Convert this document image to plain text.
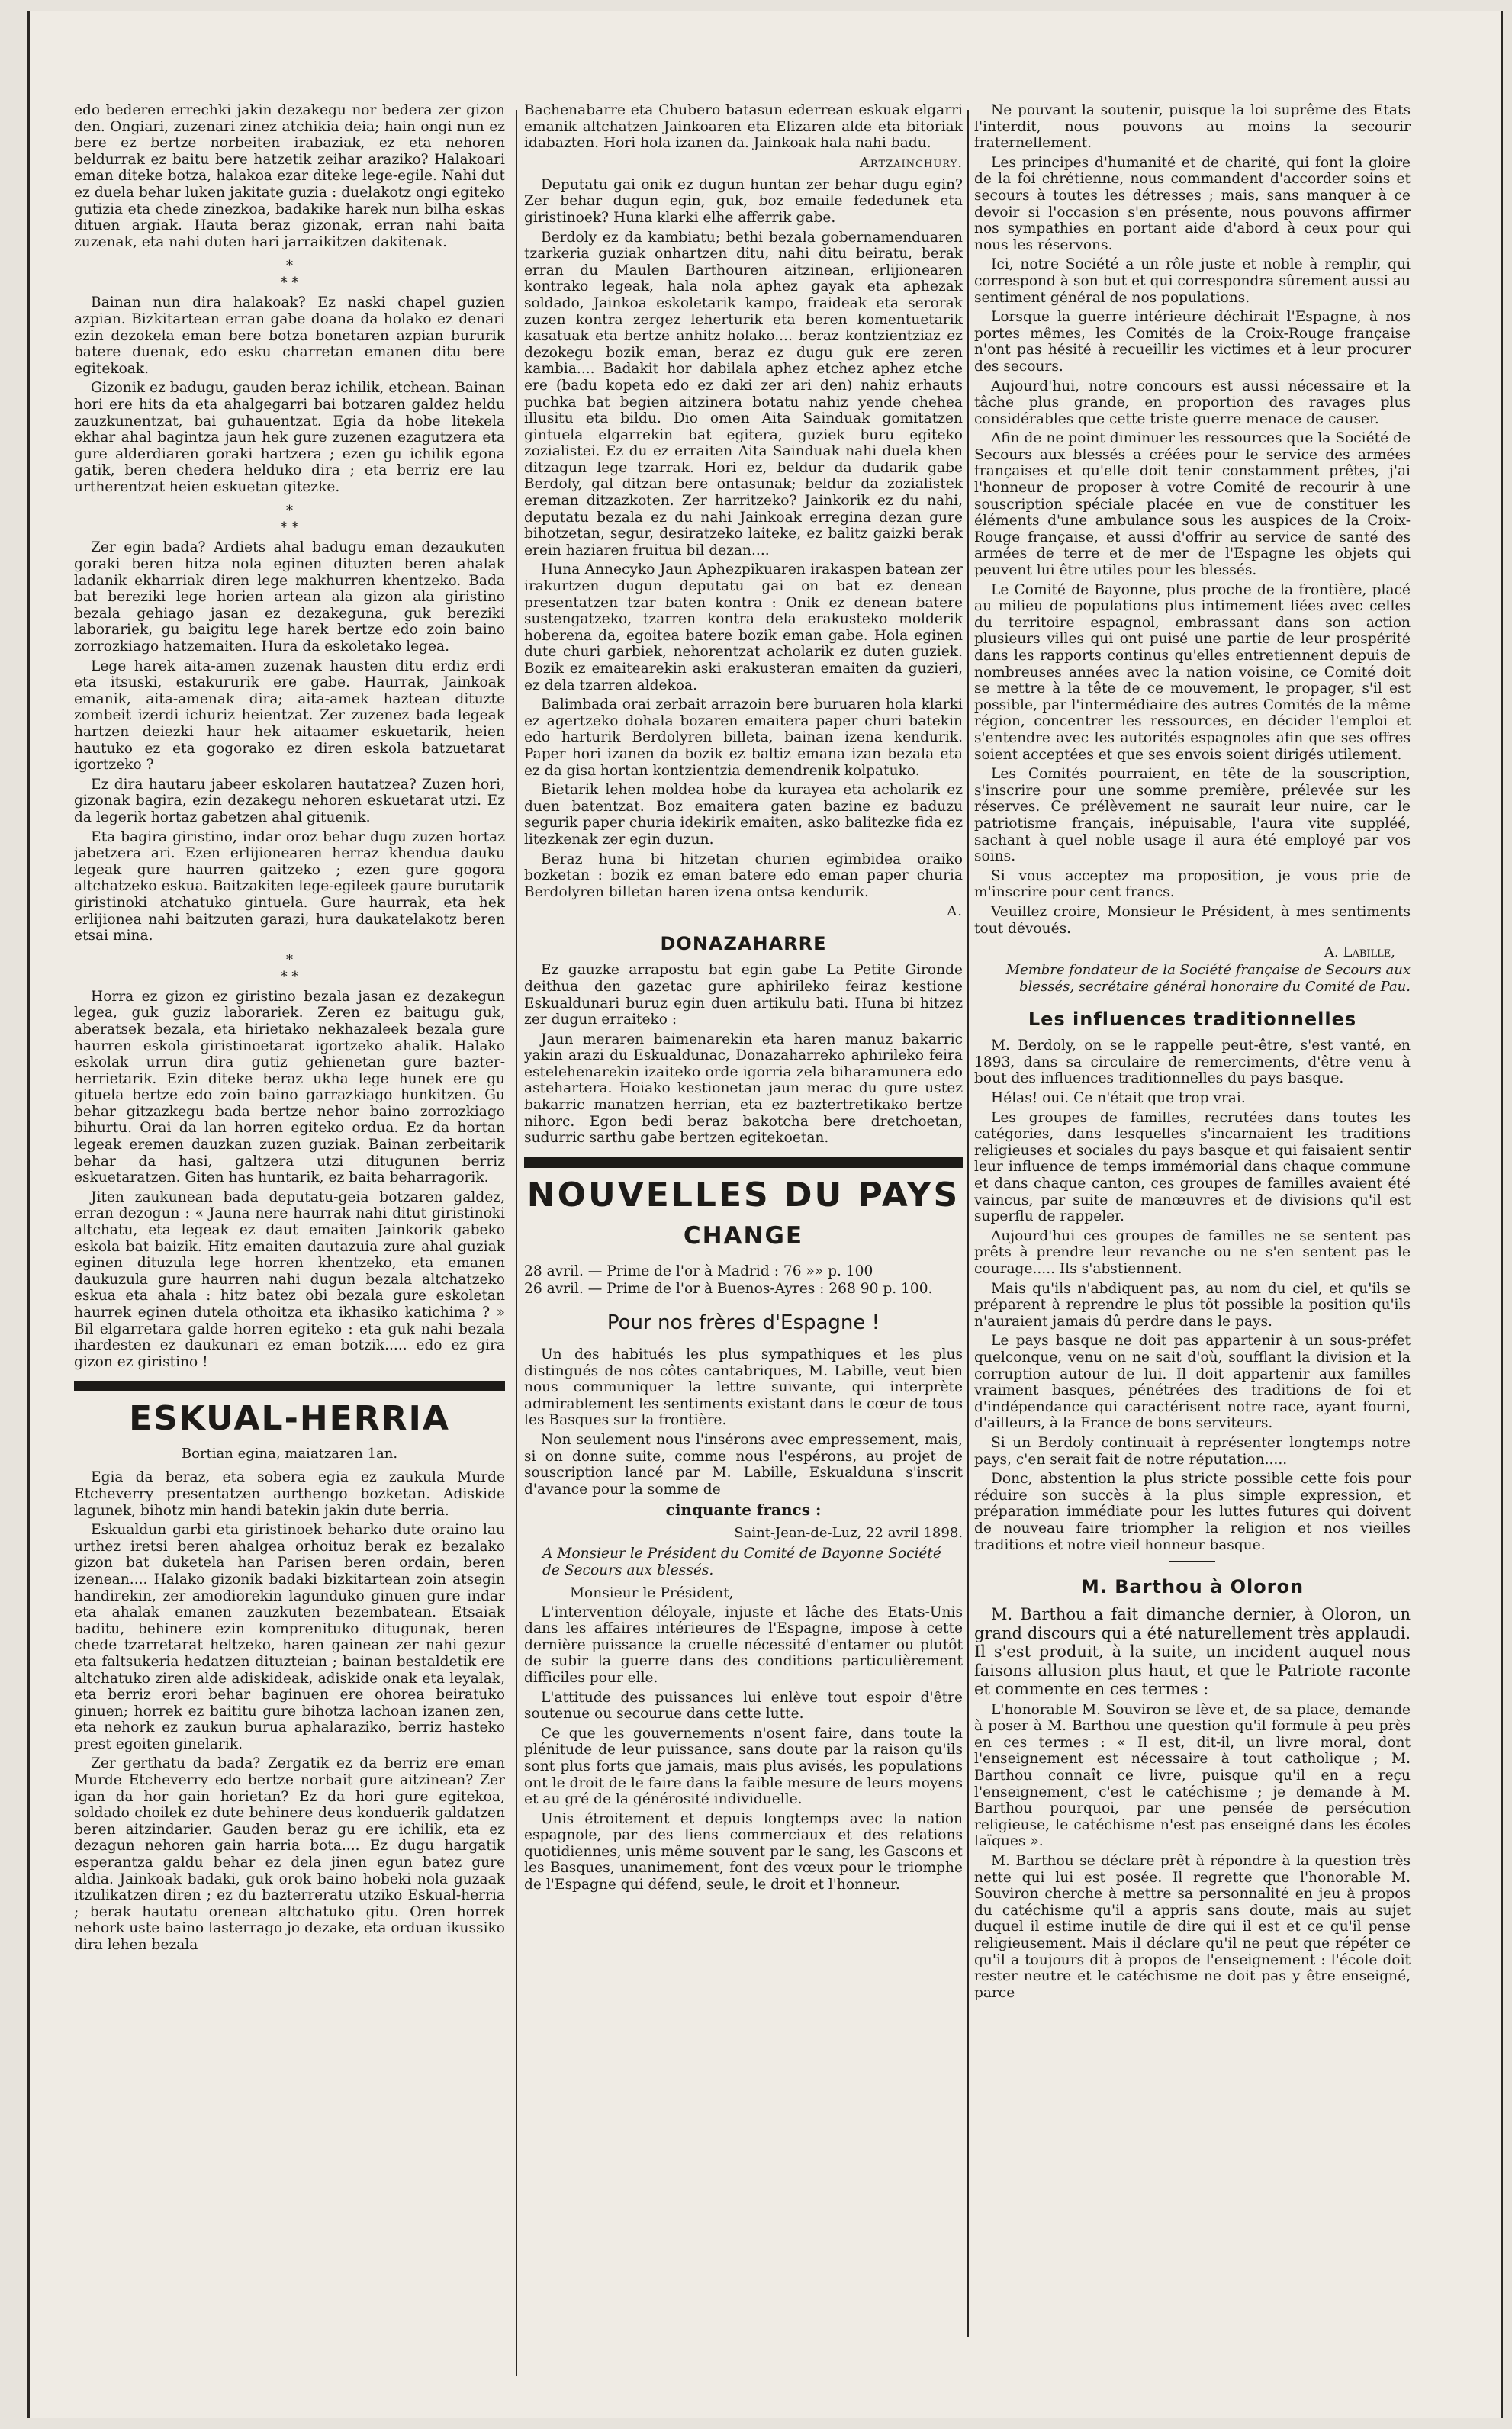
edo bederen errechki jakin dezakegu nor bedera zer gizon den. Ongiari, zuzenari zinez atchikia deia; hain ongi nun ez bere ez bertze norbeiten irabaziak, ez eta nehoren beldurrak ez baitu bere hatzetik zeihar araziko? Halakoari eman diteke botza, halakoa ezar diteke lege-egile. Nahi dut ez duela behar luken jakitate guzia : duelakotz ongi egiteko gutizia eta chede zinezkoa, badakike harek nun bilha eskas dituen argiak. Hauta beraz gizonak, erran nahi baita zuzenak, eta nahi duten hari jarraikitzen dakitenak.

*
* *

Bainan nun dira halakoak? Ez naski chapel guzien azpian. Bizkitartean erran gabe doana da holako ez denari ezin dezokela eman bere botza bonetaren azpian bururik batere duenak, edo esku charretan emanen ditu bere egitekoak.

Gizonik ez badugu, gauden beraz ichilik, etchean. Bainan hori ere hits da eta ahalgegarri bai botzaren galdez heldu zauzkunentzat, bai guhauentzat. Egia da hobe litekela ekhar ahal bagintza jaun hek gure zuzenen ezagutzera eta gure alderdiaren goraki hartzera ; ezen gu ichilik egona gatik, beren chedera helduko dira ; eta berriz ere lau urtherentzat heien eskuetan gitezke.

*
* *

Zer egin bada? Ardiets ahal badugu eman dezaukuten goraki beren hitza nola eginen dituzten beren ahalak ladanik ekharriak diren lege makhurren khentzeko. Bada bat bereziki lege horien artean ala gizon ala giristino bezala gehiago jasan ez dezakeguna, guk bereziki laborariek, gu baigitu lege harek bertze edo zoin baino zorrozkiago hatzemaiten. Hura da eskoletako legea.

Lege harek aita-amen zuzenak hausten ditu erdiz erdi eta itsuski, estakururik ere gabe. Haurrak, Jainkoak emanik, aita-amenak dira; aita-amek haztean dituzte zombeit izerdi ichuriz heientzat. Zer zuzenez bada legeak hartzen deiezki haur hek aitaamer eskuetarik, heien hautuko ez eta gogorako ez diren eskola batzuetarat igortzeko ?

Ez dira hautaru jabeer eskolaren hautatzea? Zuzen hori, gizonak bagira, ezin dezakegu nehoren eskuetarat utzi. Ez da legerik hortaz gabetzen ahal gituenik.

Eta bagira giristino, indar oroz behar dugu zuzen hortaz jabetzera ari. Ezen erlijionearen herraz khendua dauku legeak gure haurren gaitzeko ; ezen gure gogora altchatzeko eskua. Baitzakiten lege-egileek gaure burutarik giristinoki atchatuko gintuela. Gure haurrak, eta hek erlijionea nahi baitzuten garazi, hura daukatelakotz beren etsai mina.

*
* *

Horra ez gizon ez giristino bezala jasan ez dezakegun legea, guk guziz laborariek. Zeren ez baitugu guk, aberatsek bezala, eta hirietako nekhazaleek bezala gure haurren eskola giristinoetarat igortzeko ahalik. Halako eskolak urrun dira gutiz gehienetan gure bazter-herrietarik. Ezin diteke beraz ukha lege hunek ere gu gituela bertze edo zoin baino garrazkiago hunkitzen. Gu behar gitzazkegu bada bertze nehor baino zorrozkiago bihurtu. Orai da lan horren egiteko ordua. Ez da hortan legeak eremen dauzkan zuzen guziak. Bainan zerbeitarik behar da hasi, galtzera utzi ditugunen berriz eskuetaratzen. Giten has huntarik, ez baita beharragorik.

Jiten zaukunean bada deputatu-geia botzaren galdez, erran dezogun : « Jauna nere haurrak nahi ditut giristinoki altchatu, eta legeak ez daut emaiten Jainkorik gabeko eskola bat baizik. Hitz emaiten dautazuia zure ahal guziak eginen dituzula lege horren khentzeko, eta emanen daukuzula gure haurren nahi dugun bezala altchatzeko eskua eta ahala : hitz batez obi bezala gure eskoletan haurrek eginen dutela othoitza eta ikhasiko katichima ? » Bil elgarretara galde horren egiteko : eta guk nahi bezala ihardesten ez daukunari ez eman botzik..... edo ez gira gizon ez giristino !

ESKUAL-HERRIA
Bortian egina, maiatzaren 1an.

Egia da beraz, eta sobera egia ez zaukula Murde Etcheverry presentatzen aurthengo bozketan. Adiskide lagunek, bihotz min handi batekin jakin dute berria.

Eskualdun garbi eta giristinoek beharko dute oraino lau urthez iretsi beren ahalgea orhoituz berak ez bezalako gizon bat duketela han Parisen beren ordain, beren izenean.... Halako gizonik badaki bizkitartean zoin atsegin handirekin, zer amodiorekin lagunduko ginuen gure indar eta ahalak emanen zauzkuten bezembatean. Etsaiak baditu, behinere ezin komprenituko ditugunak, beren chede tzarretarat heltzeko, haren gainean zer nahi gezur eta faltsukeria hedatzen dituzteian ; bainan bestaldetik ere altchatuko ziren alde adiskideak, adiskide onak eta leyalak, eta berriz erori behar baginuen ere ohorea beiratuko ginuen; horrek ez baititu gure bihotza lachoan izanen zen, eta nehork ez zaukun burua aphalaraziko, berriz hasteko prest egoiten ginelarik.

Zer gerthatu da bada? Zergatik ez da berriz ere eman Murde Etcheverry edo bertze norbait gure aitzinean? Zer igan da hor gain horietan? Ez da hori gure egitekoa, soldado choilek ez dute behinere deus konduerik galdatzen beren aitzindarier. Gauden beraz gu ere ichilik, eta ez dezagun nehoren gain harria bota.... Ez dugu hargatik esperantza galdu behar ez dela jinen egun batez gure aldia. Jainkoak badaki, guk orok baino hobeki nola guzaak itzulikatzen diren ; ez du bazterreratu utziko Eskual-herria ; berak hautatu orenean altchatuko gitu. Oren horrek nehork uste baino lasterrago jo dezake, eta orduan ikussiko dira lehen bezala

Bachenabarre eta Chubero batasun ederrean eskuak elgarri emanik altchatzen Jainkoaren eta Elizaren alde eta bitoriak idabazten. Hori hola izanen da. Jainkoak hala nahi badu.

Artzainchury.

Deputatu gai onik ez dugun huntan zer behar dugu egin? Zer behar dugun egin, guk, boz emaile fededunek eta giristinoek? Huna klarki elhe afferrik gabe.

Berdoly ez da kambiatu; bethi bezala gobernamenduaren tzarkeria guziak onhartzen ditu, nahi ditu beiratu, berak erran du Maulen Barthouren aitzinean, erlijionearen kontrako legeak, hala nola aphez gayak eta aphezak soldado, Jainkoa eskoletarik kampo, fraideak eta serorak zuzen kontra zergez leherturik eta beren komentuetarik kasatuak eta bertze anhitz holako.... beraz kontzientziaz ez dezokegu bozik eman, beraz ez dugu guk ere zeren kambia.... Badakit hor dabilala aphez etchez aphez etche ere (badu kopeta edo ez daki zer ari den) nahiz erhauts puchka bat begien aitzinera botatu nahiz yende chehea illusitu eta bildu. Dio omen Aita Sainduak gomitatzen gintuela elgarrekin bat egitera, guziek buru egiteko zozialistei. Ez du ez erraiten Aita Sainduak nahi duela khen ditzagun lege tzarrak. Hori ez, beldur da dudarik gabe Berdoly, gal ditzan bere ontasunak; beldur da zozialistek ereman ditzazkoten. Zer harritzeko? Jainkorik ez du nahi, deputatu bezala ez du nahi Jainkoak erregina dezan gure bihotzetan, segur, desiratzeko laiteke, ez balitz gaizki berak erein haziaren fruitua bil dezan....

Huna Annecyko Jaun Aphezpikuaren irakaspen batean zer irakurtzen dugun deputatu gai on bat ez denean presentatzen tzar baten kontra : Onik ez denean batere sustengatzeko, tzarren kontra dela erakusteko molderik hoberena da, egoitea batere bozik eman gabe. Hola eginen dute churi garbiek, nehorentzat acholarik ez duten guziek. Bozik ez emaitearekin aski erakusteran emaiten da guzieri, ez dela tzarren aldekoa.

Balimbada orai zerbait arrazoin bere buruaren hola klarki ez agertzeko dohala bozaren emaitera paper churi batekin edo harturik Berdolyren billeta, bainan izena kendurik. Paper hori izanen da bozik ez baltiz emana izan bezala eta ez da gisa hortan kontzientzia demendrenik kolpatuko.

Bietarik lehen moldea hobe da kurayea eta acholarik ez duen batentzat. Boz emaitera gaten bazine ez baduzu segurik paper churia idekirik emaiten, asko balitezke fida ez litezkenak zer egin duzun.

Beraz huna bi hitzetan churien egimbidea oraiko bozketan : bozik ez eman batere edo eman paper churia Berdolyren billetan haren izena ontsa kendurik.

A.
DONAZAHARRE

Ez gauzke arrapostu bat egin gabe La Petite Gironde deithua den gazetac gure aphirileko feiraz kestione Eskualdunari buruz egin duen artikulu bati. Huna bi hitzez zer dugun erraiteko :

Jaun meraren baimenarekin eta haren manuz bakarric yakin arazi du Eskualdunac, Donazaharreko aphirileko feira estelehenarekin izaiteko orde igorria zela biharamunera edo astehartera. Hoiako kestionetan jaun merac du gure ustez bakarric manatzen herrian, eta ez baztertretikako bertze nihorc. Egon bedi beraz bakotcha bere dretchoetan, sudurric sarthu gabe bertzen egitekoetan.

NOUVELLES DU PAYS
CHANGE

28 avril. — Prime de l'or à Madrid : 76 »» p. 100

26 avril. — Prime de l'or à Buenos-Ayres : 268 90 p. 100.

Pour nos frères d'Espagne !

Un des habitués les plus sympathiques et les plus distingués de nos côtes cantabriques, M. Labille, veut bien nous communiquer la lettre suivante, qui interprète admirablement les sentiments existant dans le cœur de tous les Basques sur la frontière.

Non seulement nous l'insérons avec empressement, mais, si on donne suite, comme nous l'espérons, au projet de souscription lancé par M. Labille, Eskualduna s'inscrit d'avance pour la somme de

cinquante francs :
Saint-Jean-de-Luz, 22 avril 1898.
A Monsieur le Président du Comité de Bayonne Société de Secours aux blessés.
Monsieur le Président,

L'intervention déloyale, injuste et lâche des Etats-Unis dans les affaires intérieures de l'Espagne, impose à cette dernière puissance la cruelle nécessité d'entamer ou plutôt de subir la guerre dans des conditions particulièrement difficiles pour elle.

L'attitude des puissances lui enlève tout espoir d'être soutenue ou secourue dans cette lutte.

Ce que les gouvernements n'osent faire, dans toute la plénitude de leur puissance, sans doute par la raison qu'ils sont plus forts que jamais, mais plus avisés, les populations ont le droit de le faire dans la faible mesure de leurs moyens et au gré de la générosité individuelle.

Unis étroitement et depuis longtemps avec la nation espagnole, par des liens commerciaux et des relations quotidiennes, unis même souvent par le sang, les Gascons et les Basques, unanimement, font des vœux pour le triomphe de l'Espagne qui défend, seule, le droit et l'honneur.

Ne pouvant la soutenir, puisque la loi suprême des Etats l'interdit, nous pouvons au moins la secourir fraternellement.

Les principes d'humanité et de charité, qui font la gloire de la foi chrétienne, nous commandent d'accorder soins et secours à toutes les détresses ; mais, sans manquer à ce devoir si l'occasion s'en présente, nous pouvons affirmer nos sympathies en portant aide d'abord à ceux pour qui nous les réservons.

Ici, notre Société a un rôle juste et noble à remplir, qui correspond à son but et qui correspondra sûrement aussi au sentiment général de nos populations.

Lorsque la guerre intérieure déchirait l'Espagne, à nos portes mêmes, les Comités de la Croix-Rouge française n'ont pas hésité à recueillir les victimes et à leur procurer des secours.

Aujourd'hui, notre concours est aussi nécessaire et la tâche plus grande, en proportion des ravages plus considérables que cette triste guerre menace de causer.

Afin de ne point diminuer les ressources que la Société de Secours aux blessés a créées pour le service des armées françaises et qu'elle doit tenir constamment prêtes, j'ai l'honneur de proposer à votre Comité de recourir à une souscription spéciale placée en vue de constituer les éléments d'une ambulance sous les auspices de la Croix-Rouge française, et aussi d'offrir au service de santé des armées de terre et de mer de l'Espagne les objets qui peuvent lui être utiles pour les blessés.

Le Comité de Bayonne, plus proche de la frontière, placé au milieu de populations plus intimement liées avec celles du territoire espagnol, embrassant dans son action plusieurs villes qui ont puisé une partie de leur prospérité dans les rapports continus qu'elles entretiennent depuis de nombreuses années avec la nation voisine, ce Comité doit se mettre à la tête de ce mouvement, le propager, s'il est possible, par l'intermédiaire des autres Comités de la même région, concentrer les ressources, en décider l'emploi et s'entendre avec les autorités espagnoles afin que ses offres soient acceptées et que ses envois soient dirigés utilement.

Les Comités pourraient, en tête de la souscription, s'inscrire pour une somme première, prélevée sur les réserves. Ce prélèvement ne saurait leur nuire, car le patriotisme français, inépuisable, l'aura vite suppléé, sachant à quel noble usage il aura été employé par vos soins.

Si vous acceptez ma proposition, je vous prie de m'inscrire pour cent francs.

Veuillez croire, Monsieur le Président, à mes sentiments tout dévoués.

A. Labille,
Membre fondateur de la Société française de Secours aux blessés, secrétaire général honoraire du Comité de Pau.
Les influences traditionnelles

M. Berdoly, on se le rappelle peut-être, s'est vanté, en 1893, dans sa circulaire de remerciments, d'être venu à bout des influences traditionnelles du pays basque.

Hélas! oui. Ce n'était que trop vrai.

Les groupes de familles, recrutées dans toutes les catégories, dans lesquelles s'incarnaient les traditions religieuses et sociales du pays basque et qui faisaient sentir leur influence de temps immémorial dans chaque commune et dans chaque canton, ces groupes de familles avaient été vaincus, par suite de manœuvres et de divisions qu'il est superflu de rappeler.

Aujourd'hui ces groupes de familles ne se sentent pas prêts à prendre leur revanche ou ne s'en sentent pas le courage..... Ils s'abstiennent.

Mais qu'ils n'abdiquent pas, au nom du ciel, et qu'ils se préparent à reprendre le plus tôt possible la position qu'ils n'auraient jamais dû perdre dans le pays.

Le pays basque ne doit pas appartenir à un sous-préfet quelconque, venu on ne sait d'où, soufflant la division et la corruption autour de lui. Il doit appartenir aux familles vraiment basques, pénétrées des traditions de foi et d'indépendance qui caractérisent notre race, ayant fourni, d'ailleurs, à la France de bons serviteurs.

Si un Berdoly continuait à représenter longtemps notre pays, c'en serait fait de notre réputation.....

Donc, abstention la plus stricte possible cette fois pour réduire son succès à la plus simple expression, et préparation immédiate pour les luttes futures qui doivent de nouveau faire triompher la religion et nos vieilles traditions et notre vieil honneur basque.

M. Barthou à Oloron

M. Barthou a fait dimanche dernier, à Oloron, un grand discours qui a été naturellement très applaudi. Il s'est produit, à la suite, un incident auquel nous faisons allusion plus haut, et que le Patriote raconte et commente en ces termes :

L'honorable M. Souviron se lève et, de sa place, demande à poser à M. Barthou une question qu'il formule à peu près en ces termes : « Il est, dit-il, un livre moral, dont l'enseignement est nécessaire à tout catholique ; M. Barthou connaît ce livre, puisque qu'il en a reçu l'enseignement, c'est le catéchisme ; je demande à M. Barthou pourquoi, par une pensée de persécution religieuse, le catéchisme n'est pas enseigné dans les écoles laïques ».

M. Barthou se déclare prêt à répondre à la question très nette qui lui est posée. Il regrette que l'honorable M. Souviron cherche à mettre sa personnalité en jeu à propos du catéchisme qu'il a appris sans doute, mais au sujet duquel il estime inutile de dire qui il est et ce qu'il pense religieusement. Mais il déclare qu'il ne peut que répéter ce qu'il a toujours dit à propos de l'enseignement : l'école doit rester neutre et le catéchisme ne doit pas y être enseigné, parce
